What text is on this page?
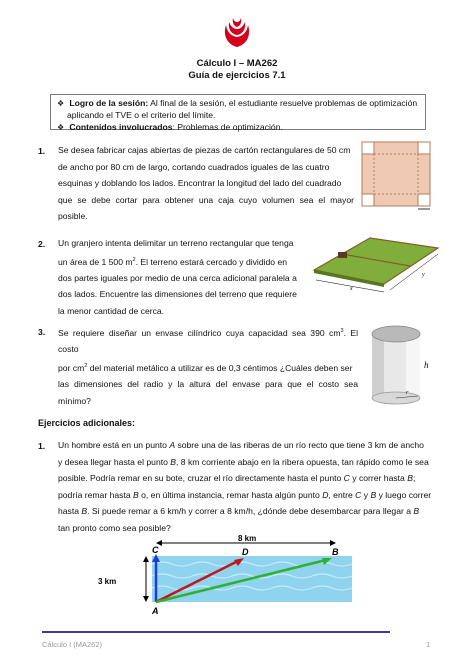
Cálculo I – MA262
Guía de ejercicios 7.1
❖ Logro de la sesión: Al final de la sesión, el estudiante resuelve problemas de optimización
aplicando el TVE o el criterio del límite.
❖ Contenidos involucrados: Problemas de optimización.
1. Se desea fabricar cajas abiertas de piezas de cartón rectangulares de 50 cm
de ancho por 80 cm de largo, cortando cuadrados iguales de las cuatro
esquinas y doblando los lados. Encontrar la longitud del lado del cuadrado
que se debe cortar para obtener una caja cuyo volumen sea el mayor posible.
2. Un granjero intenta delimitar un terreno rectangular que tenga
un área de 1 500 $m^2$. El terreno estará cercado y dividido en
dos partes iguales por medio de una cerca adicional paralela a
dos lados. Encuentre las dimensiones del terreno que requiere
la menor cantidad de cerca.
x
y
3. Se requiere diseñar un envase cilíndrico cuya capacidad sea 390 $cm^3$. El costo
por $cm^2$ del material metálico a utilizar es de 0,3 céntimos ¿Cuáles deben ser
las dimensiones del radio y la altura del envase para que el costo sea mínimo?
r
h
Ejercicios adicionales:
1. Un hombre está en un punto A sobre una de las riberas de un río recto que tiene 3 km de ancho
y desea llegar hasta el punto B, 8 km corriente abajo en la ribera opuesta, tan rápido como le sea
posible. Podría remar en su bote, cruzar el río directamente hasta el punto C y correr hasta B;
podría remar hasta B o, en última instancia, remar hasta algún punto D, entre C y B y luego correr
hasta B. Si puede remar a 6 km/h y correr a 8 km/h, ¿dónde debe desembarcar para llegar a B
tan pronto como sea posible?
8 km
3 km
C	D	B
A
Cálculo I (MA262)	1
